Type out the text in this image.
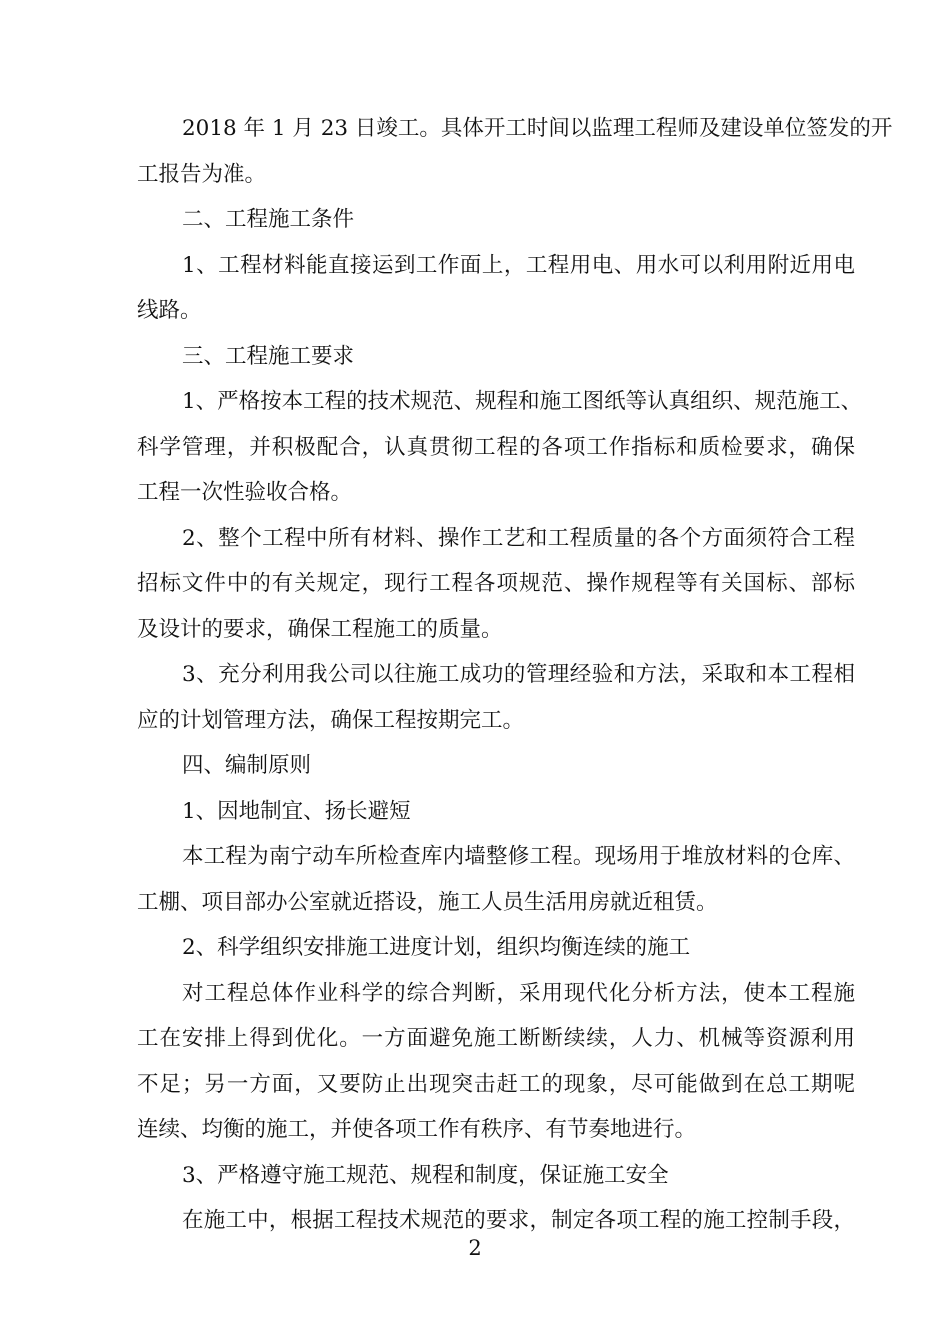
2018 年 1 月 23 日竣工。具体开工时间以监理工程师及建设单位签发的开
工报告为准。
二、工程施工条件
1、工程材料能直接运到工作面上，工程用电、用水可以利用附近用电
线路。
三、工程施工要求
1、严格按本工程的技术规范、规程和施工图纸等认真组织、规范施工、
科学管理，并积极配合，认真贯彻工程的各项工作指标和质检要求，确保
工程一次性验收合格。
2、整个工程中所有材料、操作工艺和工程质量的各个方面须符合工程
招标文件中的有关规定，现行工程各项规范、操作规程等有关国标、部标
及设计的要求，确保工程施工的质量。
3、充分利用我公司以往施工成功的管理经验和方法，采取和本工程相
应的计划管理方法，确保工程按期完工。
四、编制原则
1、因地制宜、扬长避短
本工程为南宁动车所检查库内墙整修工程。现场用于堆放材料的仓库、
工棚、项目部办公室就近搭设，施工人员生活用房就近租赁。
2、科学组织安排施工进度计划，组织均衡连续的施工
对工程总体作业科学的综合判断，采用现代化分析方法，使本工程施
工在安排上得到优化。一方面避免施工断断续续，人力、机械等资源利用
不足；另一方面，又要防止出现突击赶工的现象，尽可能做到在总工期呢
连续、均衡的施工，并使各项工作有秩序、有节奏地进行。
3、严格遵守施工规范、规程和制度，保证施工安全
在施工中，根据工程技术规范的要求，制定各项工程的施工控制手段，
2
